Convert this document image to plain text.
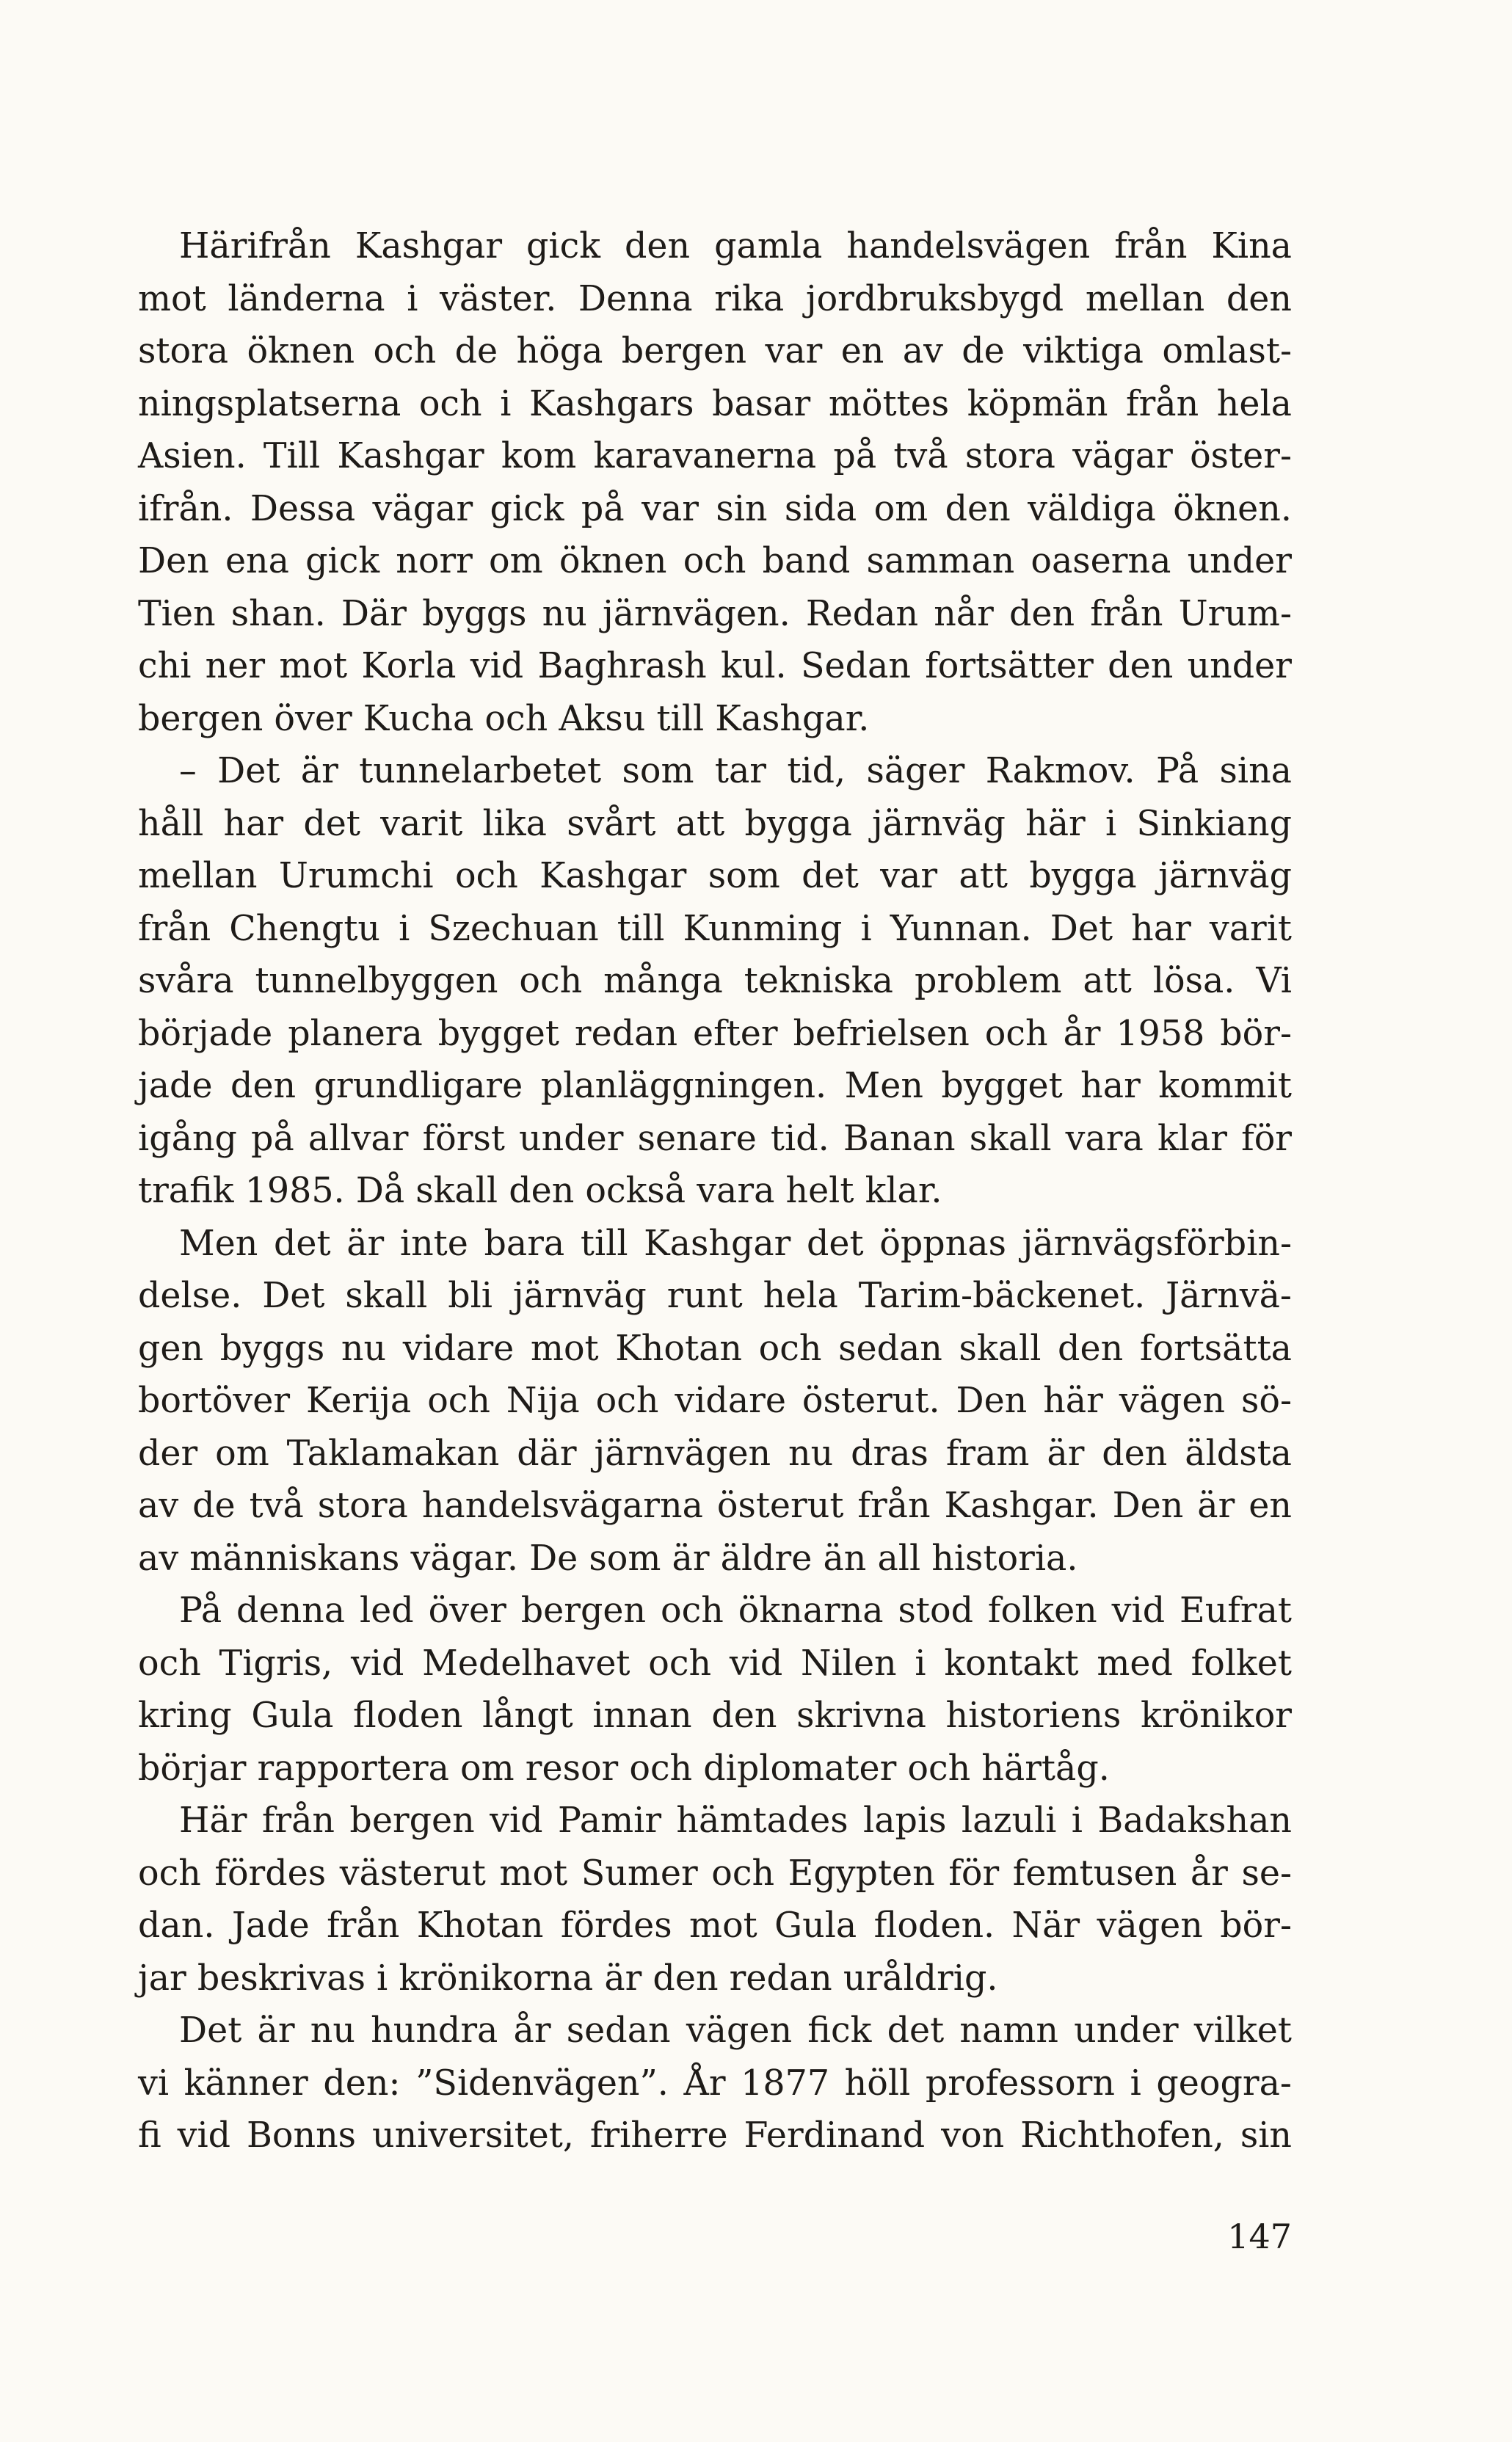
Härifrån Kashgar gick den gamla handelsvägen från Kina
mot länderna i väster. Denna rika jordbruksbygd mellan den
stora öknen och de höga bergen var en av de viktiga omlast-
ningsplatserna och i Kashgars basar möttes köpmän från hela
Asien. Till Kashgar kom karavanerna på två stora vägar öster-
ifrån. Dessa vägar gick på var sin sida om den väldiga öknen.
Den ena gick norr om öknen och band samman oaserna under
Tien shan. Där byggs nu järnvägen. Redan når den från Urum-
chi ner mot Korla vid Baghrash kul. Sedan fortsätter den under
bergen över Kucha och Aksu till Kashgar.
– Det är tunnelarbetet som tar tid, säger Rakmov. På sina
håll har det varit lika svårt att bygga järnväg här i Sinkiang
mellan Urumchi och Kashgar som det var att bygga järnväg
från Chengtu i Szechuan till Kunming i Yunnan. Det har varit
svåra tunnelbyggen och många tekniska problem att lösa. Vi
började planera bygget redan efter befrielsen och år 1958 bör-
jade den grundligare planläggningen. Men bygget har kommit
igång på allvar först under senare tid. Banan skall vara klar för
trafik 1985. Då skall den också vara helt klar.
Men det är inte bara till Kashgar det öppnas järnvägsförbin-
delse. Det skall bli järnväg runt hela Tarim-bäckenet. Järnvä-
gen byggs nu vidare mot Khotan och sedan skall den fortsätta
bortöver Kerija och Nija och vidare österut. Den här vägen sö-
der om Taklamakan där järnvägen nu dras fram är den äldsta
av de två stora handelsvägarna österut från Kashgar. Den är en
av människans vägar. De som är äldre än all historia.
På denna led över bergen och öknarna stod folken vid Eufrat
och Tigris, vid Medelhavet och vid Nilen i kontakt med folket
kring Gula floden långt innan den skrivna historiens krönikor
börjar rapportera om resor och diplomater och härtåg.
Här från bergen vid Pamir hämtades lapis lazuli i Badakshan
och fördes västerut mot Sumer och Egypten för femtusen år se-
dan. Jade från Khotan fördes mot Gula floden. När vägen bör-
jar beskrivas i krönikorna är den redan uråldrig.
Det är nu hundra år sedan vägen fick det namn under vilket
vi känner den: ”Sidenvägen”. År 1877 höll professorn i geogra-
fi vid Bonns universitet, friherre Ferdinand von Richthofen, sin
147
